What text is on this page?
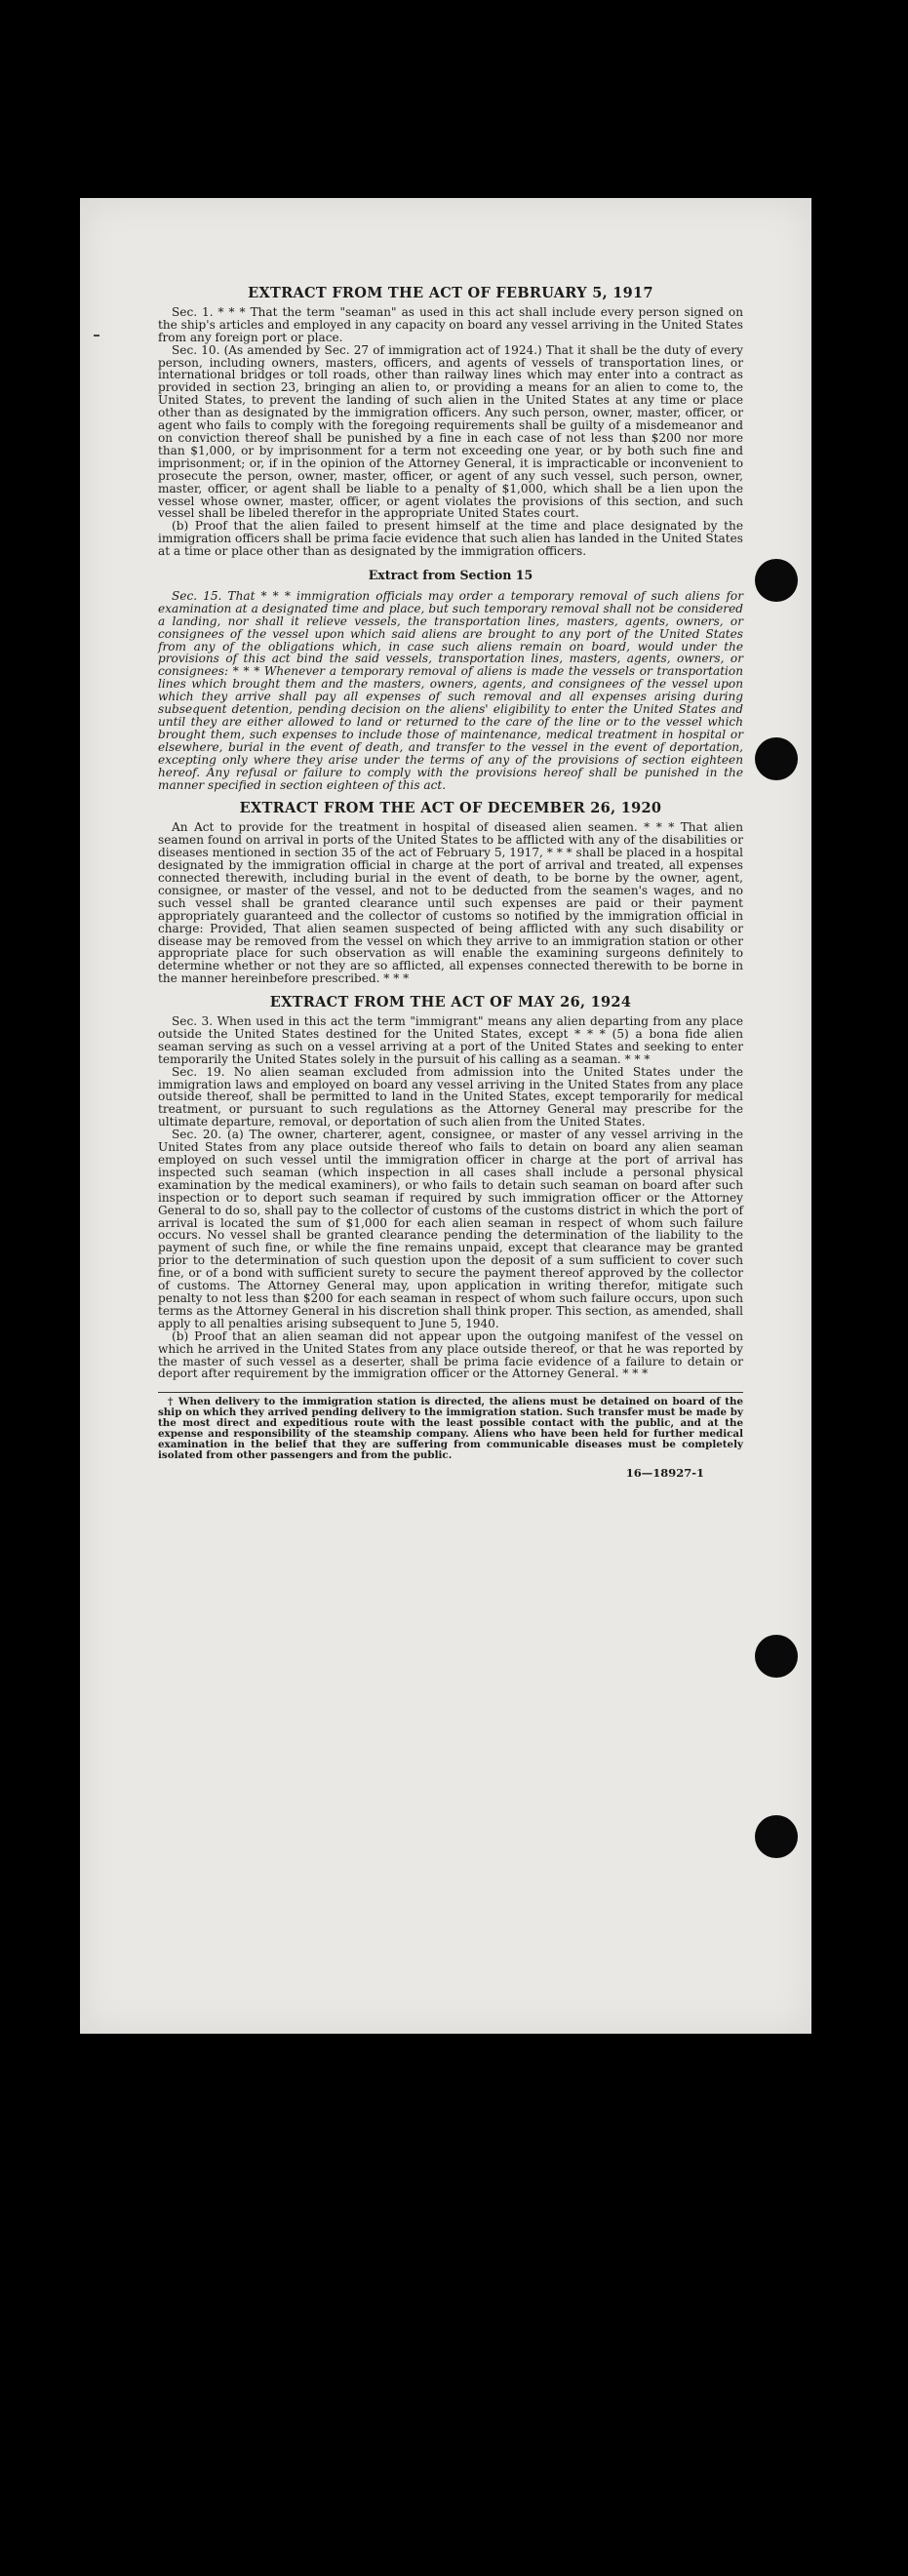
EXTRACT FROM THE ACT OF FEBRUARY 5, 1917

Sec. 1. * * * That the term "seaman" as used in this act shall include every person signed on the ship's articles and employed in any capacity on board any vessel arriving in the United States from any foreign port or place.

Sec. 10. (As amended by Sec. 27 of immigration act of 1924.) That it shall be the duty of every person, including owners, masters, officers, and agents of vessels of transportation lines, or international bridges or toll roads, other than railway lines which may enter into a contract as provided in section 23, bringing an alien to, or providing a means for an alien to come to, the United States, to prevent the landing of such alien in the United States at any time or place other than as designated by the immigration officers. Any such person, owner, master, officer, or agent who fails to comply with the foregoing requirements shall be guilty of a misdemeanor and on conviction thereof shall be punished by a fine in each case of not less than $200 nor more than $1,000, or by imprisonment for a term not exceeding one year, or by both such fine and imprisonment; or, if in the opinion of the Attorney General, it is impracticable or inconvenient to prosecute the person, owner, master, officer, or agent of any such vessel, such person, owner, master, officer, or agent shall be liable to a penalty of $1,000, which shall be a lien upon the vessel whose owner, master, officer, or agent violates the provisions of this section, and such vessel shall be libeled therefor in the appropriate United States court.

(b) Proof that the alien failed to present himself at the time and place designated by the immigration officers shall be prima facie evidence that such alien has landed in the United States at a time or place other than as designated by the immigration officers.

Extract from Section 15

Sec. 15. That * * * immigration officials may order a temporary removal of such aliens for examination at a designated time and place, but such temporary removal shall not be considered a landing, nor shall it relieve vessels, the transportation lines, masters, agents, owners, or consignees of the vessel upon which said aliens are brought to any port of the United States from any of the obligations which, in case such aliens remain on board, would under the provisions of this act bind the said vessels, transportation lines, masters, agents, owners, or consignees: * * * Whenever a temporary removal of aliens is made the vessels or transportation lines which brought them and the masters, owners, agents, and consignees of the vessel upon which they arrive shall pay all expenses of such removal and all expenses arising during subsequent detention, pending decision on the aliens' eligibility to enter the United States and until they are either allowed to land or returned to the care of the line or to the vessel which brought them, such expenses to include those of maintenance, medical treatment in hospital or elsewhere, burial in the event of death, and transfer to the vessel in the event of deportation, excepting only where they arise under the terms of any of the provisions of section eighteen hereof. Any refusal or failure to comply with the provisions hereof shall be punished in the manner specified in section eighteen of this act.

EXTRACT FROM THE ACT OF DECEMBER 26, 1920

An Act to provide for the treatment in hospital of diseased alien seamen. * * * That alien seamen found on arrival in ports of the United States to be afflicted with any of the disabilities or diseases mentioned in section 35 of the act of February 5, 1917, * * * shall be placed in a hospital designated by the immigration official in charge at the port of arrival and treated, all expenses connected therewith, including burial in the event of death, to be borne by the owner, agent, consignee, or master of the vessel, and not to be deducted from the seamen's wages, and no such vessel shall be granted clearance until such expenses are paid or their payment appropriately guaranteed and the collector of customs so notified by the immigration official in charge: Provided, That alien seamen suspected of being afflicted with any such disability or disease may be removed from the vessel on which they arrive to an immigration station or other appropriate place for such observation as will enable the examining surgeons definitely to determine whether or not they are so afflicted, all expenses connected therewith to be borne in the manner hereinbefore prescribed. * * *

EXTRACT FROM THE ACT OF MAY 26, 1924

Sec. 3. When used in this act the term "immigrant" means any alien departing from any place outside the United States destined for the United States, except * * * (5) a bona fide alien seaman serving as such on a vessel arriving at a port of the United States and seeking to enter temporarily the United States solely in the pursuit of his calling as a seaman. * * *

Sec. 19. No alien seaman excluded from admission into the United States under the immigration laws and employed on board any vessel arriving in the United States from any place outside thereof, shall be permitted to land in the United States, except temporarily for medical treatment, or pursuant to such regulations as the Attorney General may prescribe for the ultimate departure, removal, or deportation of such alien from the United States.

Sec. 20. (a) The owner, charterer, agent, consignee, or master of any vessel arriving in the United States from any place outside thereof who fails to detain on board any alien seaman employed on such vessel until the immigration officer in charge at the port of arrival has inspected such seaman (which inspection in all cases shall include a personal physical examination by the medical examiners), or who fails to detain such seaman on board after such inspection or to deport such seaman if required by such immigration officer or the Attorney General to do so, shall pay to the collector of customs of the customs district in which the port of arrival is located the sum of $1,000 for each alien seaman in respect of whom such failure occurs. No vessel shall be granted clearance pending the determination of the liability to the payment of such fine, or while the fine remains unpaid, except that clearance may be granted prior to the determination of such question upon the deposit of a sum sufficient to cover such fine, or of a bond with sufficient surety to secure the payment thereof approved by the collector of customs. The Attorney General may, upon application in writing therefor, mitigate such penalty to not less than $200 for each seaman in respect of whom such failure occurs, upon such terms as the Attorney General in his discretion shall think proper. This section, as amended, shall apply to all penalties arising subsequent to June 5, 1940.

(b) Proof that an alien seaman did not appear upon the outgoing manifest of the vessel on which he arrived in the United States from any place outside thereof, or that he was reported by the master of such vessel as a deserter, shall be prima facie evidence of a failure to detain or deport after requirement by the immigration officer or the Attorney General. * * *

† When delivery to the immigration station is directed, the aliens must be detained on board of the ship on which they arrived pending delivery to the immigration station. Such transfer must be made by the most direct and expeditious route with the least possible contact with the public, and at the expense and responsibility of the steamship company. Aliens who have been held for further medical examination in the belief that they are suffering from communicable diseases must be completely isolated from other passengers and from the public.

16—18927-1
